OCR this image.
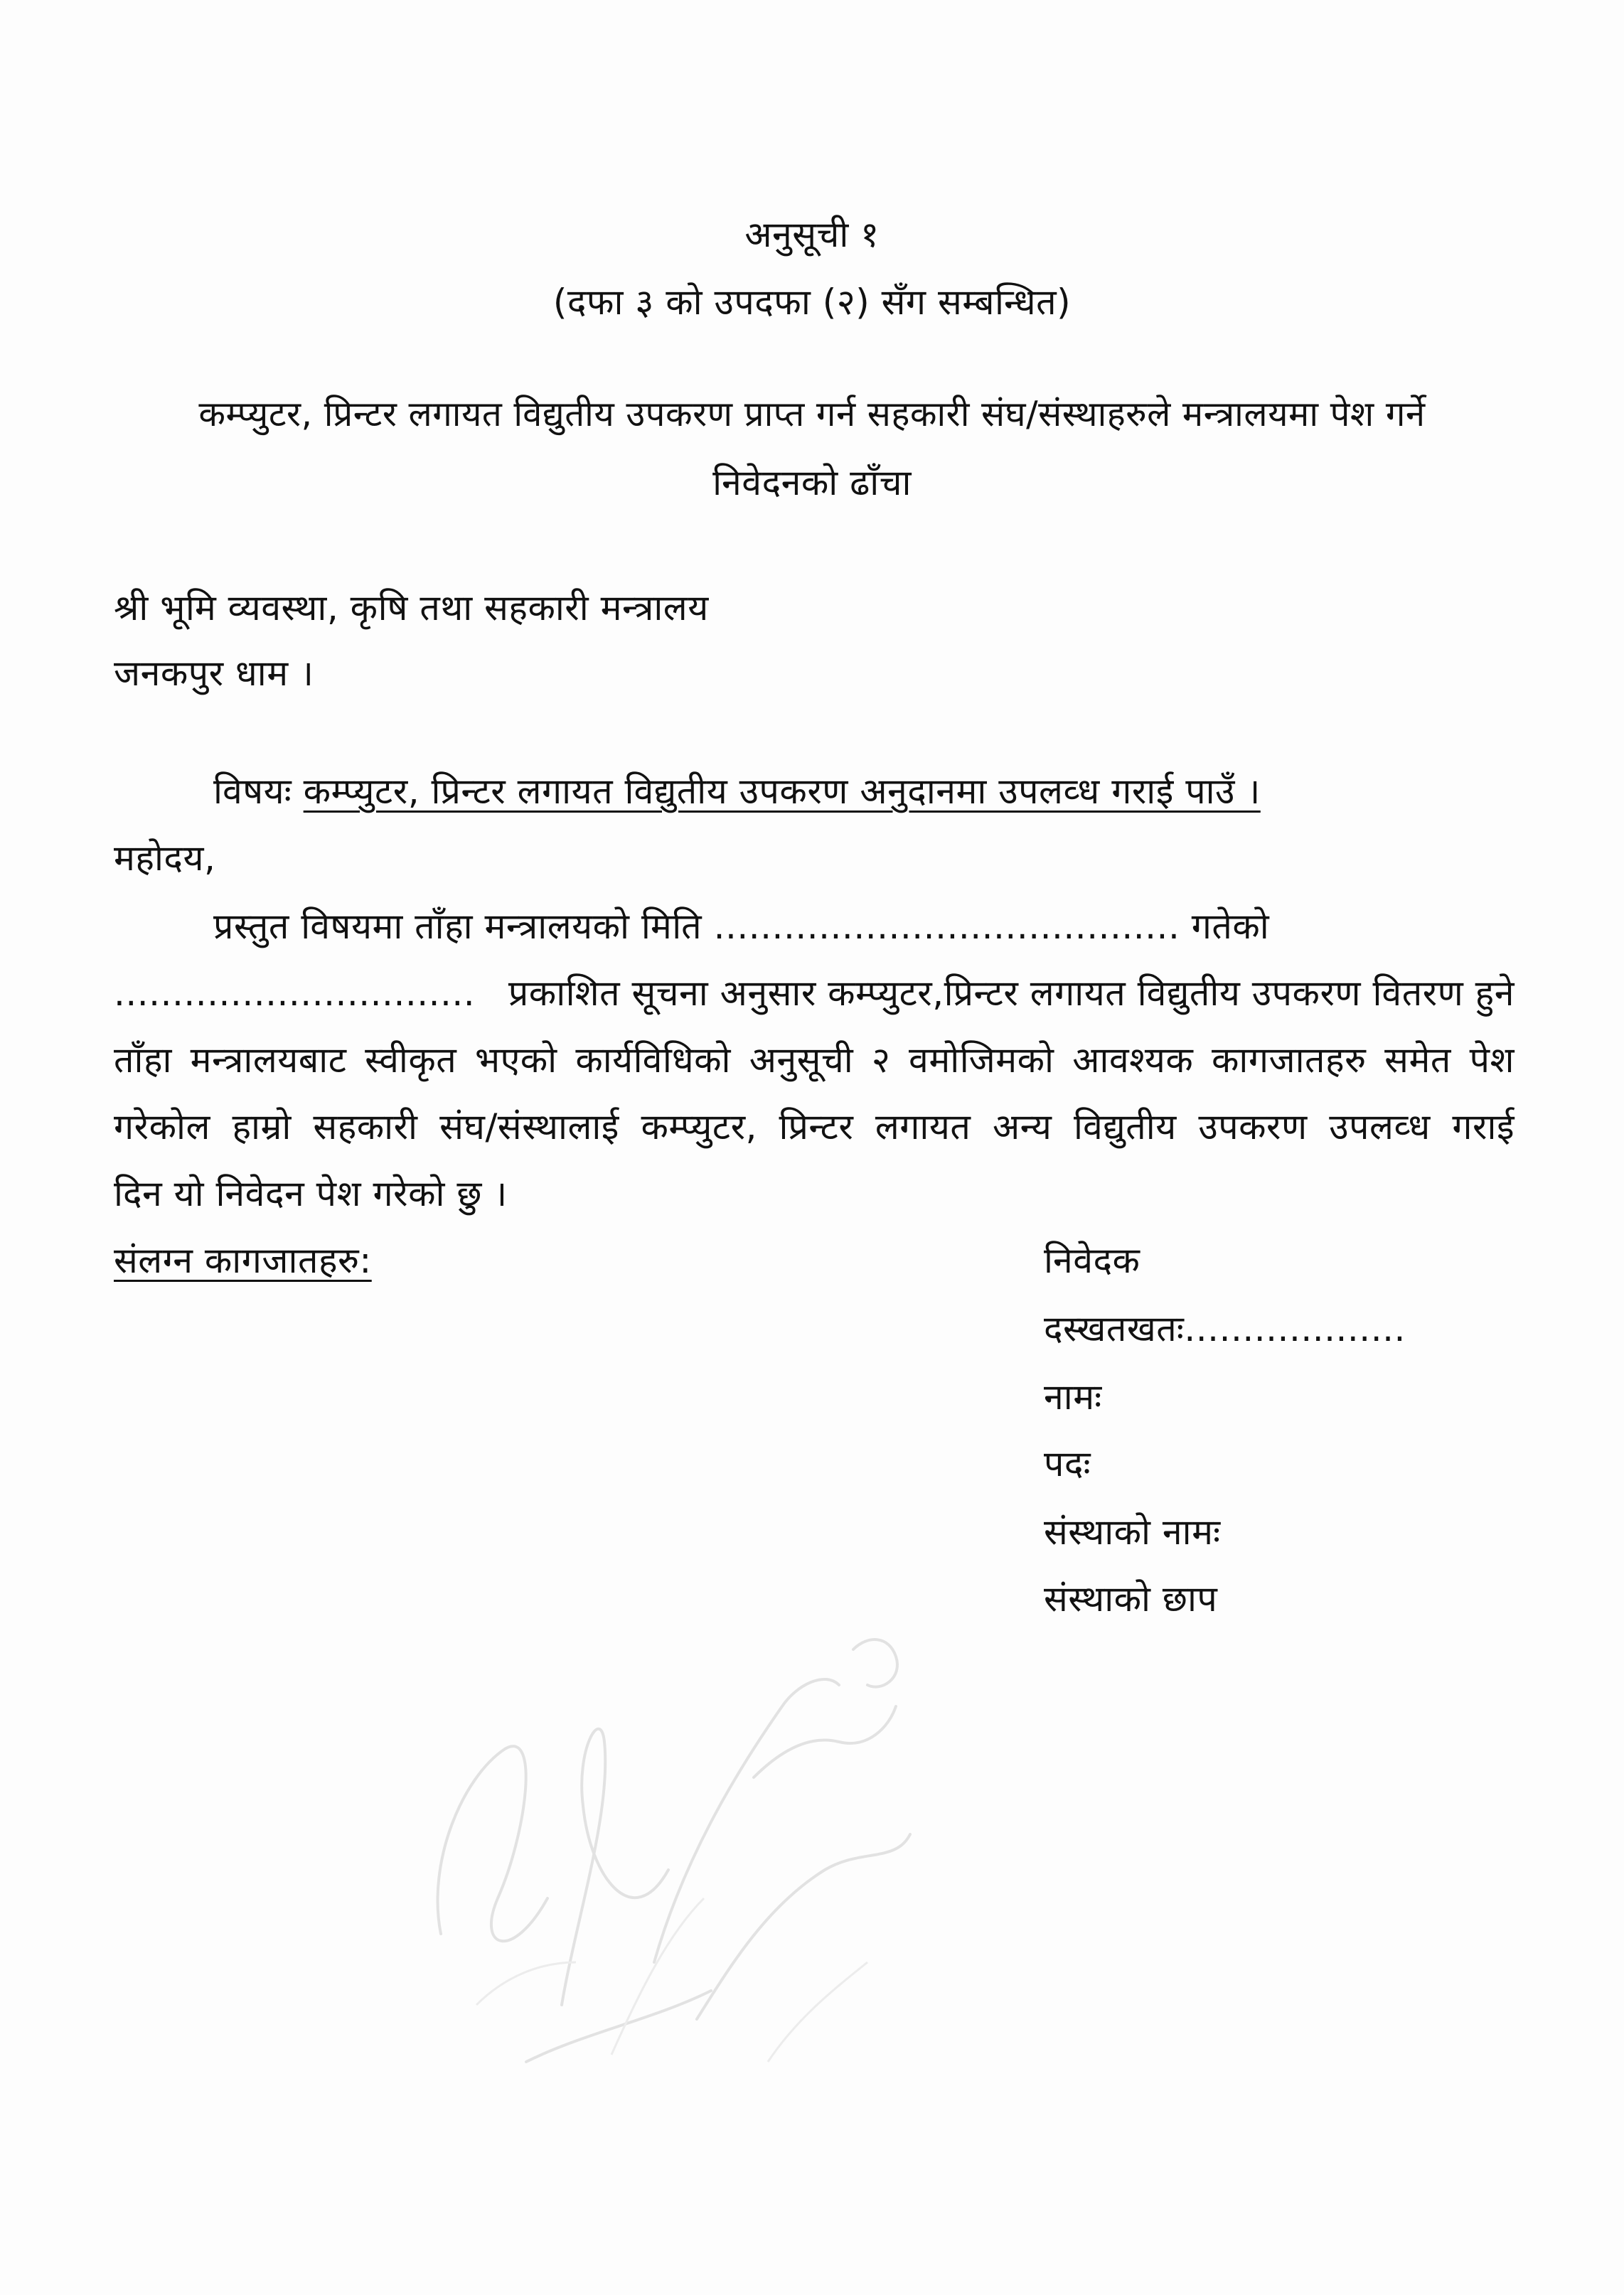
अनुसूची १
(दफा ३ को उपदफा (२) सँग सम्बन्धित)
कम्प्युटर, प्रिन्टर लगायत विद्युतीय उपकरण प्राप्त गर्न सहकारी संघ/संस्थाहरुले मन्त्रालयमा पेश गर्ने
निवेदनको ढाँचा
श्री भूमि व्यवस्था, कृषि तथा सहकारी मन्त्रालय
जनकपुर धाम ।
विषयः कम्प्युटर, प्रिन्टर लगायत विद्युतीय उपकरण अनुदानमा उपलव्ध गराई पाउँ ।
महोदय,
प्रस्तुत विषयमा ताँहा मन्त्रालयको मिति ........................................ गतेको
............................... प्रकाशित सूचना अनुसार कम्प्युटर,प्रिन्टर लगायत विद्युतीय उपकरण वितरण हुने
ताँहा मन्त्रालयबाट स्वीकृत भएको कार्यविधिको अनुसूची २ वमोजिमको आवश्यक कागजातहरु समेत पेश
गरेकोल हाम्रो सहकारी संघ/संस्थालाई कम्प्युटर, प्रिन्टर लगायत अन्य विद्युतीय उपकरण उपलव्ध गराई
दिन यो निवेदन पेश गरेको छु ।
संलग्न कागजातहरु:	निवेदक
दस्खतखतः...................
नामः
पदः
संस्थाको नामः
संस्थाको छाप
